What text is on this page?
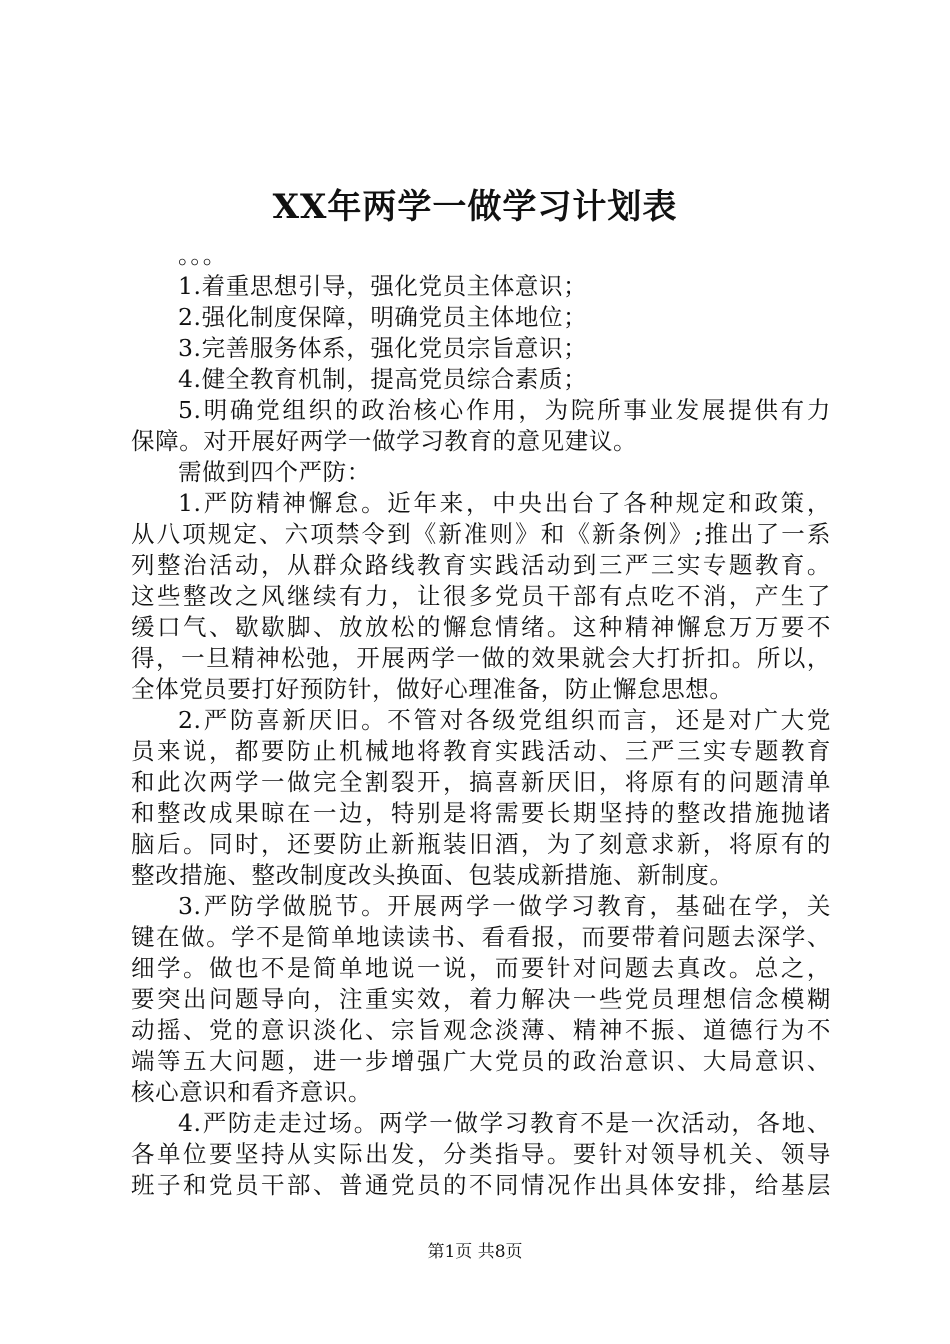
XX年两学一做学习计划表
。。。
1.着重思想引导，强化党员主体意识；
2.强化制度保障，明确党员主体地位；
3.完善服务体系，强化党员宗旨意识；
4.健全教育机制，提高党员综合素质；
5.明确党组织的政治核心作用，为院所事业发展提供有力
保障。对开展好两学一做学习教育的意见建议。
需做到四个严防：
1.严防精神懈怠。近年来，中央出台了各种规定和政策，
从八项规定、六项禁令到《新准则》和《新条例》;推出了一系
列整治活动，从群众路线教育实践活动到三严三实专题教育。
这些整改之风继续有力，让很多党员干部有点吃不消，产生了
缓口气、歇歇脚、放放松的懈怠情绪。这种精神懈怠万万要不
得，一旦精神松弛，开展两学一做的效果就会大打折扣。所以，
全体党员要打好预防针，做好心理准备，防止懈怠思想。
2.严防喜新厌旧。不管对各级党组织而言，还是对广大党
员来说，都要防止机械地将教育实践活动、三严三实专题教育
和此次两学一做完全割裂开，搞喜新厌旧，将原有的问题清单
和整改成果晾在一边，特别是将需要长期坚持的整改措施抛诸
脑后。同时，还要防止新瓶装旧酒，为了刻意求新，将原有的
整改措施、整改制度改头换面、包装成新措施、新制度。
3.严防学做脱节。开展两学一做学习教育，基础在学，关
键在做。学不是简单地读读书、看看报，而要带着问题去深学、
细学。做也不是简单地说一说，而要针对问题去真改。总之，
要突出问题导向，注重实效，着力解决一些党员理想信念模糊
动摇、党的意识淡化、宗旨观念淡薄、精神不振、道德行为不
端等五大问题，进一步增强广大党员的政治意识、大局意识、
核心意识和看齐意识。
4.严防走走过场。两学一做学习教育不是一次活动，各地、
各单位要坚持从实际出发，分类指导。要针对领导机关、领导
班子和党员干部、普通党员的不同情况作出具体安排，给基层
第1页 共8页
